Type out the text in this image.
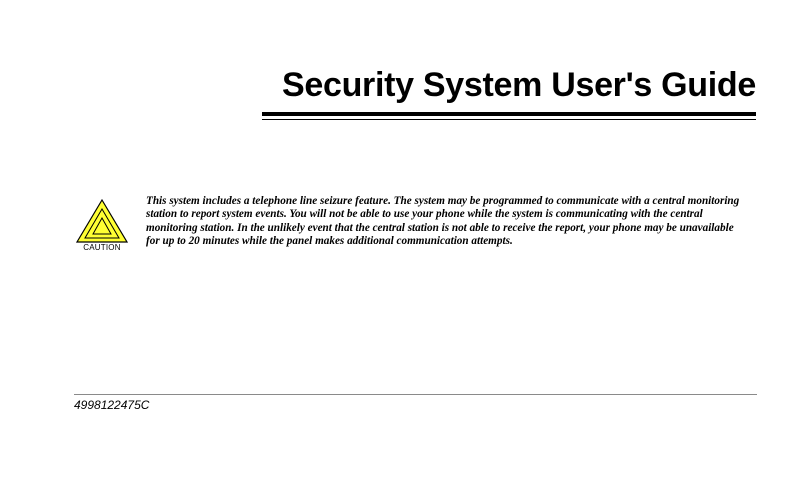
Security System User's Guide
CAUTION

This system includes a telephone line seizure feature. The system may be programmed to communicate with a central monitoring station to report system events. You will not be able to use your phone while the system is communicating with the central monitoring station. In the unlikely event that the central station is not able to receive the report, your phone may be unavailable for up to 20 minutes while the panel makes additional communication attempts.

4998122475C
